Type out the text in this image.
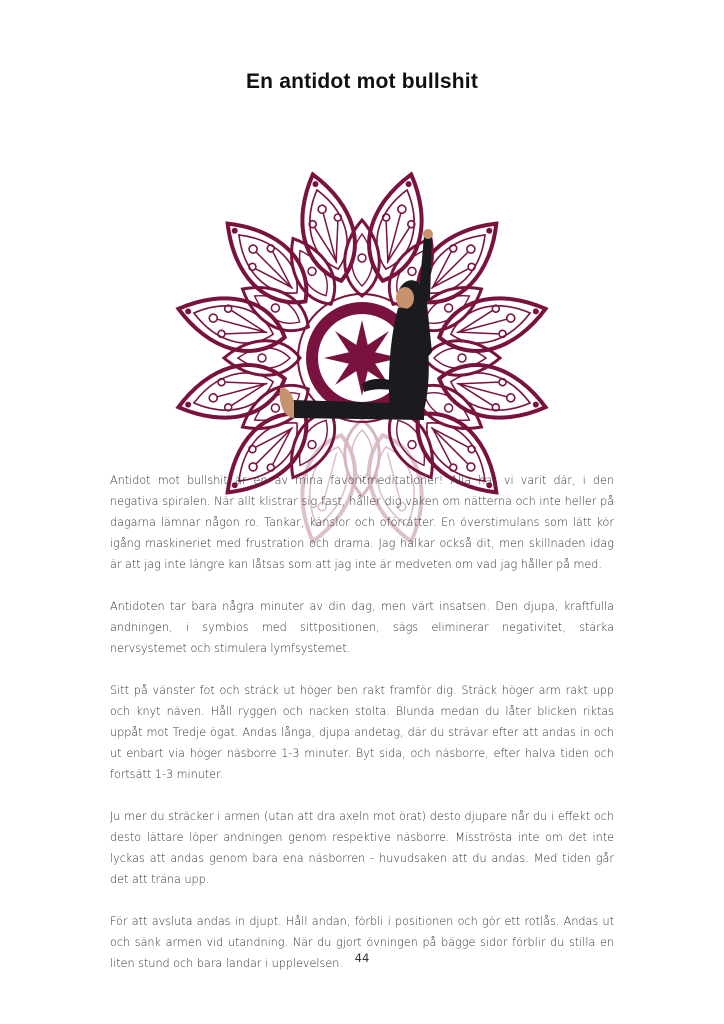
En antidot mot bullshit

Antidot mot bullshit är en av mina favoritmeditationer! Alla har vi varit där, i den negativa spiralen. När allt klistrar sig fast, håller dig vaken om nätterna och inte heller på dagarna lämnar någon ro. Tankar, känslor och oförrätter. En överstimulans som lätt kör igång maskineriet med frustration och drama. Jag halkar också dit, men skillnaden idag är att jag inte längre kan låtsas som att jag inte är medveten om vad jag håller på med.

Antidoten tar bara några minuter av din dag, men värt insatsen. Den djupa, kraftfulla andningen, i symbios med sittpositionen, sägs eliminerar negativitet, stärka nervsystemet och stimulera lymfsystemet.

Sitt på vänster fot och sträck ut höger ben rakt framför dig. Sträck höger arm rakt upp och knyt näven. Håll ryggen och nacken stolta. Blunda medan du låter blicken riktas uppåt mot Tredje ögat. Andas långa, djupa andetag, där du strävar efter att andas in och ut enbart via höger näsborre 1-3 minuter. Byt sida, och näsborre, efter halva tiden och fortsätt 1-3 minuter.

Ju mer du sträcker i armen (utan att dra axeln mot örat) desto djupare når du i effekt och desto lättare löper andningen genom respektive näsborre. Misströsta inte om det inte lyckas att andas genom bara ena näsborren - huvudsaken att du andas. Med tiden går det att träna upp.

För att avsluta andas in djupt. Håll andan, förbli i positionen och gör ett rotlås. Andas ut och sänk armen vid utandning. När du gjort övningen på bägge sidor förblir du stilla en liten stund och bara landar i upplevelsen.	44
